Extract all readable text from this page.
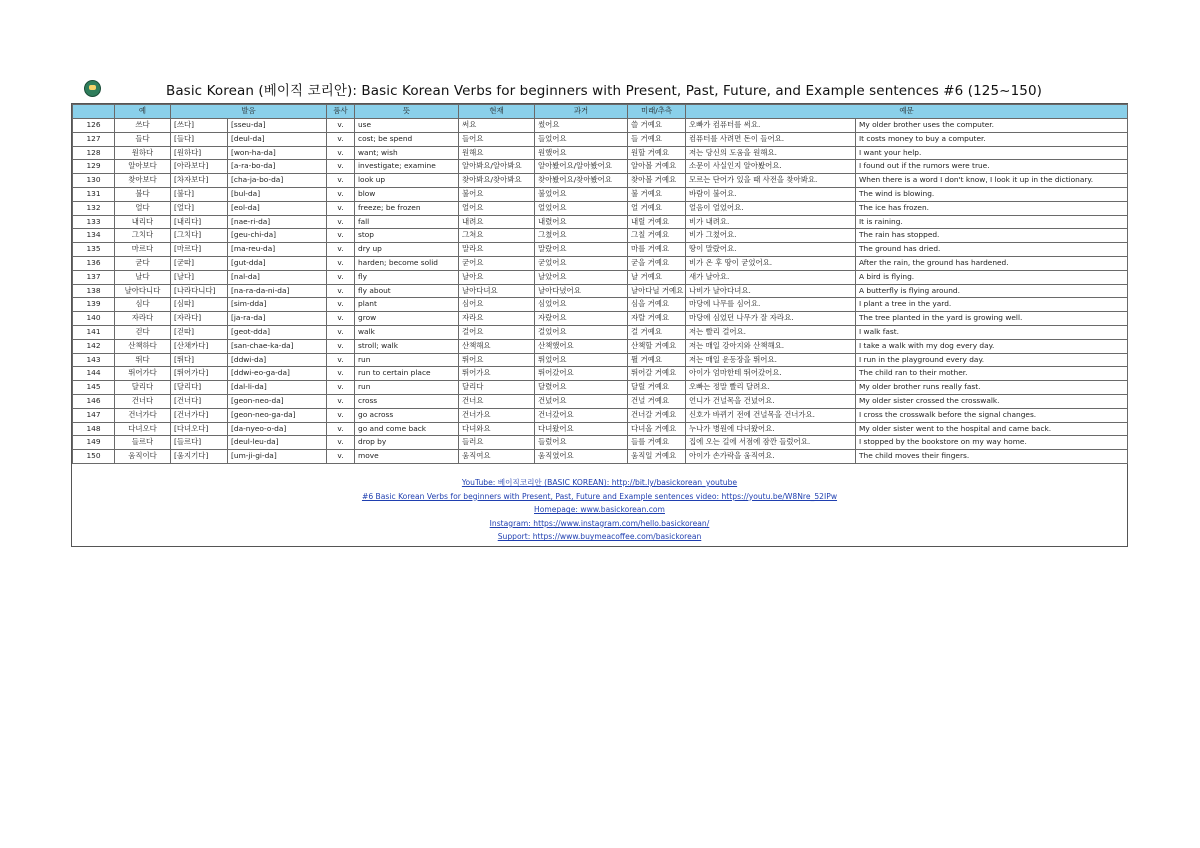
Basic Korean (베이직 코리안): Basic Korean Verbs for beginners with Present, Past, Future, and Example sentences #6 (125~150)
	예	발음		품사	뜻	현재	과거	미래/추측	예문	
126	쓰다	[쓰다]	[sseu-da]	v.	use	써요	썼어요	쓸 거예요	오빠가 컴퓨터를 써요.	My older brother uses the computer.
127	들다	[들다]	[deul-da]	v.	cost; be spend	들어요	들었어요	들 거예요	컴퓨터를 사려면 돈이 들어요.	It costs money to buy a computer.
128	원하다	[원하다]	[won-ha-da]	v.	want; wish	원해요	원했어요	원할 거예요	저는 당신의 도움을 원해요.	I want your help.
129	알아보다	[아라보다]	[a-ra-bo-da]	v.	investigate; examine	알아봐요/알아봐요	알아봤어요/알아봤어요	알아볼 거예요	소문이 사실인지 알아봤어요.	I found out if the rumors were true.
130	찾아보다	[차자보다]	[cha-ja-bo-da]	v.	look up	찾아봐요/찾아봐요	찾아봤어요/찾아봤어요	찾아볼 거예요	모르는 단어가 있을 때 사전을 찾아봐요.	When there is a word I don't know, I look it up in the dictionary.
131	불다	[불다]	[bul-da]	v.	blow	불어요	불었어요	불 거예요	바람이 불어요.	The wind is blowing.
132	얼다	[얼다]	[eol-da]	v.	freeze; be frozen	얼어요	얼었어요	얼 거예요	얼음이 얼었어요.	The ice has frozen.
133	내리다	[내리다]	[nae-ri-da]	v.	fall	내려요	내렸어요	내릴 거예요	비가 내려요.	It is raining.
134	그치다	[그치다]	[geu-chi-da]	v.	stop	그쳐요	그쳤어요	그칠 거예요	비가 그쳤어요.	The rain has stopped.
135	마르다	[마르다]	[ma-reu-da]	v.	dry up	말라요	말랐어요	마를 거예요	땅이 말랐어요.	The ground has dried.
136	굳다	[굳따]	[gut-dda]	v.	harden; become solid	굳어요	굳었어요	굳을 거예요	비가 온 후 땅이 굳었어요.	After the rain, the ground has hardened.
137	날다	[날다]	[nal-da]	v.	fly	날아요	날았어요	날 거예요	새가 날아요.	A bird is flying.
138	날아다니다	[나라다니다]	[na-ra-da-ni-da]	v.	fly about	날아다녀요	날아다녔어요	날아다닐 거예요	나비가 날아다녀요.	A butterfly is flying around.
139	심다	[심따]	[sim-dda]	v.	plant	심어요	심었어요	심을 거예요	마당에 나무를 심어요.	I plant a tree in the yard.
140	자라다	[자라다]	[ja-ra-da]	v.	grow	자라요	자랐어요	자랄 거예요	마당에 심었던 나무가 잘 자라요.	The tree planted in the yard is growing well.
141	걷다	[걷따]	[geot-dda]	v.	walk	걸어요	걸었어요	걸 거예요	저는 빨리 걸어요.	I walk fast.
142	산책하다	[산채카다]	[san-chae-ka-da]	v.	stroll; walk	산책해요	산책했어요	산책할 거예요	저는 매일 강아지와 산책해요.	I take a walk with my dog every day.
143	뛰다	[뛰다]	[ddwi-da]	v.	run	뛰어요	뛰었어요	뛸 거예요	저는 매일 운동장을 뛰어요.	I run in the playground every day.
144	뛰어가다	[뛰어가다]	[ddwi-eo-ga-da]	v.	run to certain place	뛰어가요	뛰어갔어요	뛰어갈 거예요	아이가 엄마한테 뛰어갔어요.	The child ran to their mother.
145	달리다	[달리다]	[dal-li-da]	v.	run	달리다	달렸어요	달릴 거예요	오빠는 정말 빨리 달려요.	My older brother runs really fast.
146	건너다	[건너다]	[geon-neo-da]	v.	cross	건너요	건넜어요	건널 거예요	언니가 건널목을 건넜어요.	My older sister crossed the crosswalk.
147	건너가다	[건너가다]	[geon-neo-ga-da]	v.	go across	건너가요	건너갔어요	건너갈 거예요	신호가 바뀌기 전에 건널목을 건너가요.	I cross the crosswalk before the signal changes.
148	다녀오다	[다녀오다]	[da-nyeo-o-da]	v.	go and come back	다녀와요	다녀왔어요	다녀올 거예요	누나가 병원에 다녀왔어요.	My older sister went to the hospital and came back.
149	들르다	[들르다]	[deul-leu-da]	v.	drop by	들러요	들렀어요	들를 거예요	집에 오는 길에 서점에 잠깐 들렀어요.	I stopped by the bookstore on my way home.
150	움직이다	[움지기다]	[um-ji-gi-da]	v.	move	움직여요	움직였어요	움직일 거예요	아이가 손가락을 움직여요.	The child moves their fingers.
YouTube: 베이직코리안 (BASIC KOREAN): http://bit.ly/basickorean_youtube
#6 Basic Korean Verbs for beginners with Present, Past, Future and Example sentences video: https://youtu.be/W8Nre_52IPw
Homepage: www.basickorean.com
Instagram: https://www.instagram.com/hello.basickorean/
Support: https://www.buymeacoffee.com/basickorean
